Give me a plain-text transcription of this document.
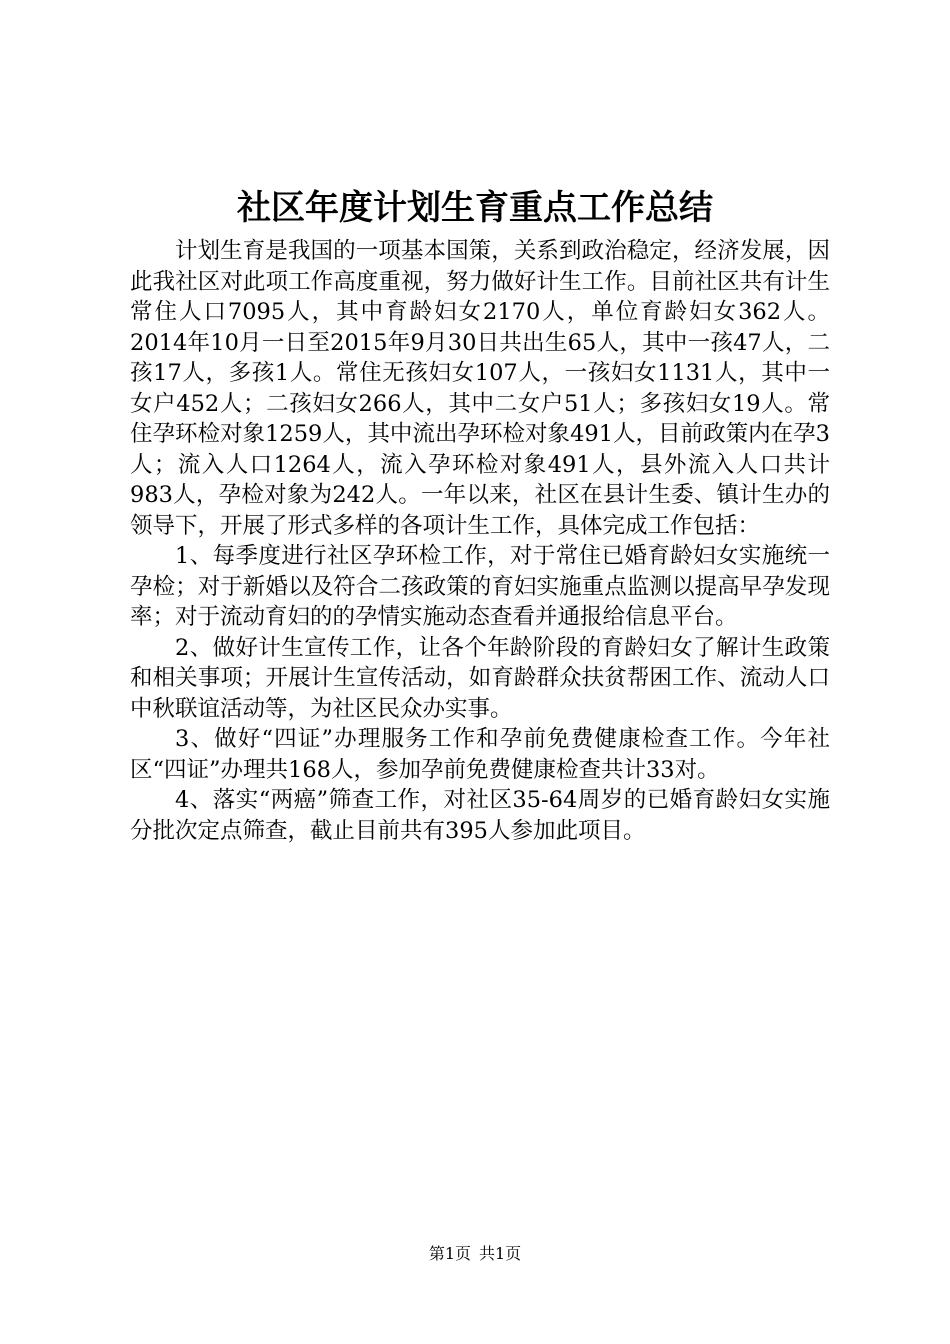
社区年度计划生育重点工作总结

计划生育是我国的一项基本国策，关系到政治稳定，经济发展，因此我社区对此项工作高度重视，努力做好计生工作。目前社区共有计生常住人口7095人，其中育龄妇女2170人，单位育龄妇女362人。2014年10月一日至2015年9月30日共出生65人，其中一孩47人，二孩17人，多孩1人。常住无孩妇女107人，一孩妇女1131人，其中一女户452人；二孩妇女266人，其中二女户51人；多孩妇女19人。常住孕环检对象1259人，其中流出孕环检对象491人，目前政策内在孕3人；流入人口1264人，流入孕环检对象491人，县外流入人口共计983人，孕检对象为242人。一年以来，社区在县计生委、镇计生办的领导下，开展了形式多样的各项计生工作，具体完成工作包括：

1、每季度进行社区孕环检工作，对于常住已婚育龄妇女实施统一孕检；对于新婚以及符合二孩政策的育妇实施重点监测以提高早孕发现率；对于流动育妇的的孕情实施动态查看并通报给信息平台。

2、做好计生宣传工作，让各个年龄阶段的育龄妇女了解计生政策和相关事项；开展计生宣传活动，如育龄群众扶贫帮困工作、流动人口中秋联谊活动等，为社区民众办实事。

3、做好“四证”办理服务工作和孕前免费健康检查工作。今年社区“四证”办理共168人，参加孕前免费健康检查共计33对。

4、落实“两癌”筛查工作，对社区35-64周岁的已婚育龄妇女实施分批次定点筛查，截止目前共有395人参加此项目。

第1页 共1页
